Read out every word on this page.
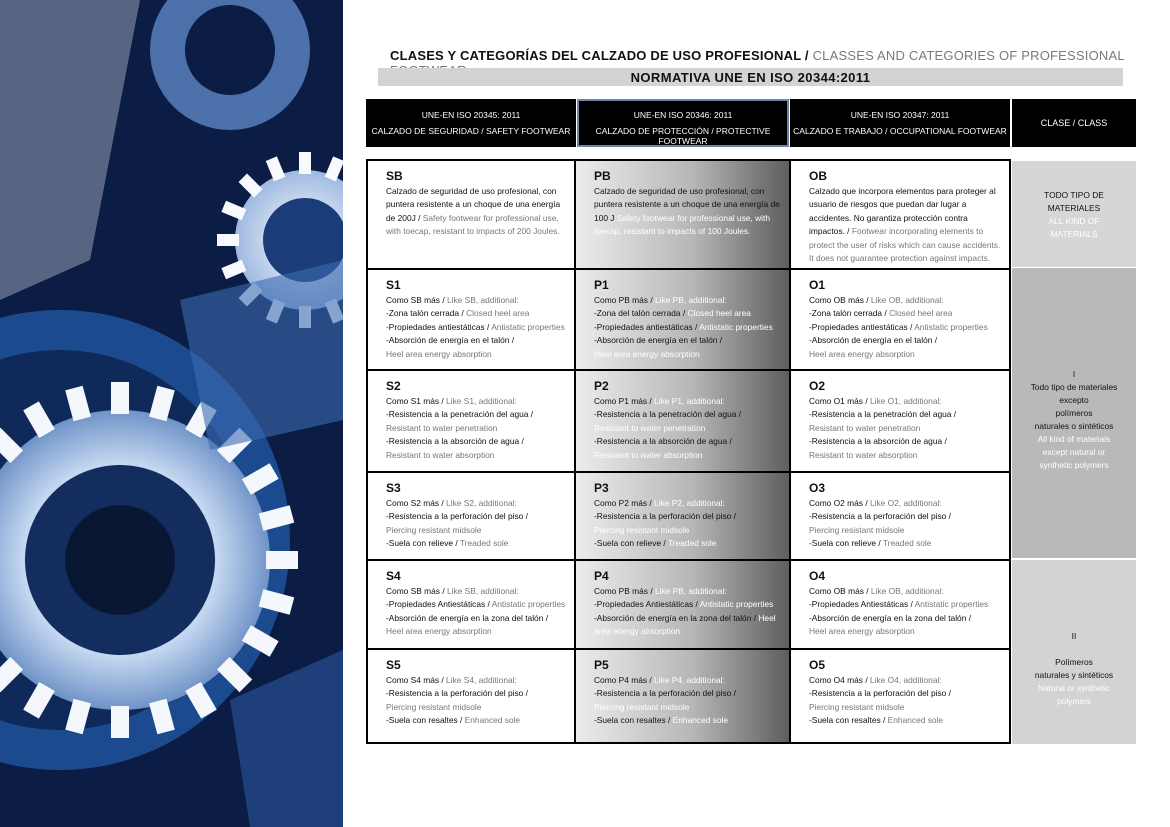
CLASES Y CATEGORÍAS DEL CALZADO DE USO PROFESIONAL / CLASSES AND CATEGORIES OF PROFESSIONAL
NORMATIVA UNE EN ISO 20344:2011
UNE-EN ISO 20345: 2011
CALZADO DE SEGURIDAD / SAFETY FOOTWEAR
UNE-EN ISO 20346: 2011
CALZADO DE PROTECCIÓN / PROTECTIVE FOOTWEAR
UNE-EN ISO 20347: 2011
CALZADO E TRABAJO / OCCUPATIONAL FOOTWEAR
CLASE / CLASS
SB
Calzado de seguridad de uso profesional, con puntera resistente a un choque de una energía de 200J / Safety footwear for professional use, with toecap, resistant to impacts of 200 Joules.
PB
Calzado de seguridad de uso profesional, con puntera resistente a un choque de una energía de 100 J Safety footwear for professional use, with toecap, resistant to impacts of 100 Joules.
OB
Calzado que incorpora elementos para proteger al usuario de riesgos que puedan dar lugar a accidentes. No garantiza protección contra impactos. / Footwear incorporating elements to protect the user of risks which can cause accidents. It does not guarantee protection against impacts.
S1
Como SB más / Like SB, additional:
-Zona talón cerrada / Closed heel area
-Propiedades antiestáticas / Antistatic properties
-Absorción de energía en el talón /
Heel area energy absorption
P1
Como PB más / Like PB, additional:
-Zona del talón cerrada / Closed heel area
-Propiedades antiestáticas / Antistatic properties
-Absorción de energía en el talón /
Heel area energy absorption
O1
Como OB más / Like OB, additional:
-Zona talón cerrada / Closed heel area
-Propiedades antiestáticas / Antistatic properties
-Absorción de energía en el talón /
Heel area energy absorption
S2
Como S1 más / Like S1, additional:
-Resistencia a la penetración del agua /
Resistant to water penetration
-Resistencia a la absorción de agua /
Resistant to water absorption
P2
Como P1 más / Like P1, additional:
-Resistencia a la penetración del agua /
Resistant to water penetration
-Resistencia a la absorción de agua /
Resistant to water absorption
O2
Como O1 más / Like O1, additional:
-Resistencia a la penetración del agua /
Resistant to water penetration
-Resistencia a la absorción de agua /
Resistant to water absorption
S3
Como S2 más / Like S2, additional:
-Resistencia a la perforación del piso /
Piercing resistant midsole
-Suela con relieve / Treaded sole
P3
Como P2 más / Like P2, additional:
-Resistencia a la perforación del piso /
Piercing resistant midsole
-Suela con relieve / Treaded sole
O3
Como O2 más / Like O2, additional:
-Resistencia a la perforación del piso /
Piercing resistant midsole
-Suela con relieve / Treaded sole
S4
Como SB más / Like SB, additional:
-Propiedades Antiestáticas / Antistatic properties
-Absorción de energía en la zona del talón /
Heel area energy absorption
P4
Como PB más / Like PB, additional:
-Propiedades Antiestáticas / Antistatic properties
-Absorción de energía en la zona del talón / Heel area energy absorption
O4
Como OB más / Like OB, additional:
-Propiedades Antiestáticas / Antistatic properties
-Absorción de energía en la zona del talón /
Heel area energy absorption
S5
Como S4 más / Like S4, additional:
-Resistencia a la perforación del piso /
Piercing resistant midsole
-Suela con resaltes / Enhanced sole
P5
Como P4 más / Like P4, additional:
-Resistencia a la perforación del piso /
Piercing resistant midsole
-Suela con resaltes / Enhanced sole
O5
Como O4 más / Like O4, additional:
-Resistencia a la perforación del piso /
Piercing resistant midsole
-Suela con resaltes / Enhanced sole
TODO TIPO DE
MATERIALES
ALL KIND OF
MATERIALS
I
Todo tipo de materiales excepto
polímeros
naturales o sintéticos
All kind of materials
except natural or
synthetic polymers
II
Polímeros
naturales y sintéticos
Natural or synthetic
polymers
